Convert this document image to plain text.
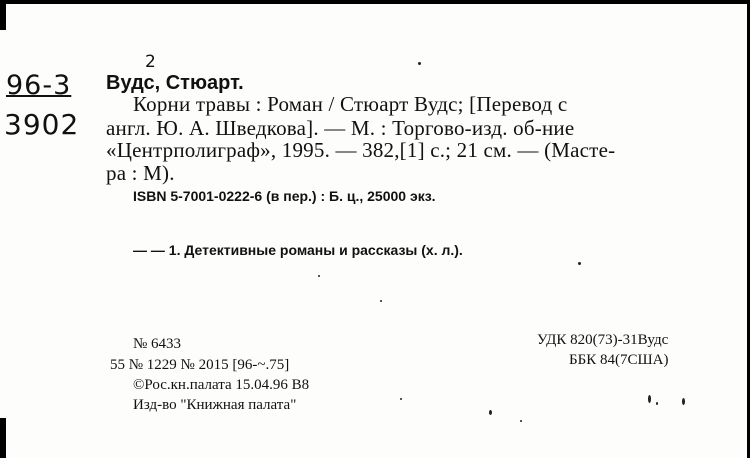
96-3
3902
2
Вудс, Стюарт.
Корни травы : Роман / Стюарт Вудс; [Перевод с
англ. Ю. А. Шведкова]. — М. : Торгово-изд. об-ние
«Центрполиграф», 1995. — 382,[1] с.; 21 см. — (Масте-
ра : М).
ISBN 5-7001-0222-6 (в пер.) : Б. ц., 25000 экз.
— — 1. Детективные романы и рассказы (х. л.).
№ 6433
55 № 1229 № 2015 [96-~.75]
©Рос.кн.палата 15.04.96 В8
Изд-во "Книжная палата"
УДК 820(73)-31Вудс
ББК 84(7США)
